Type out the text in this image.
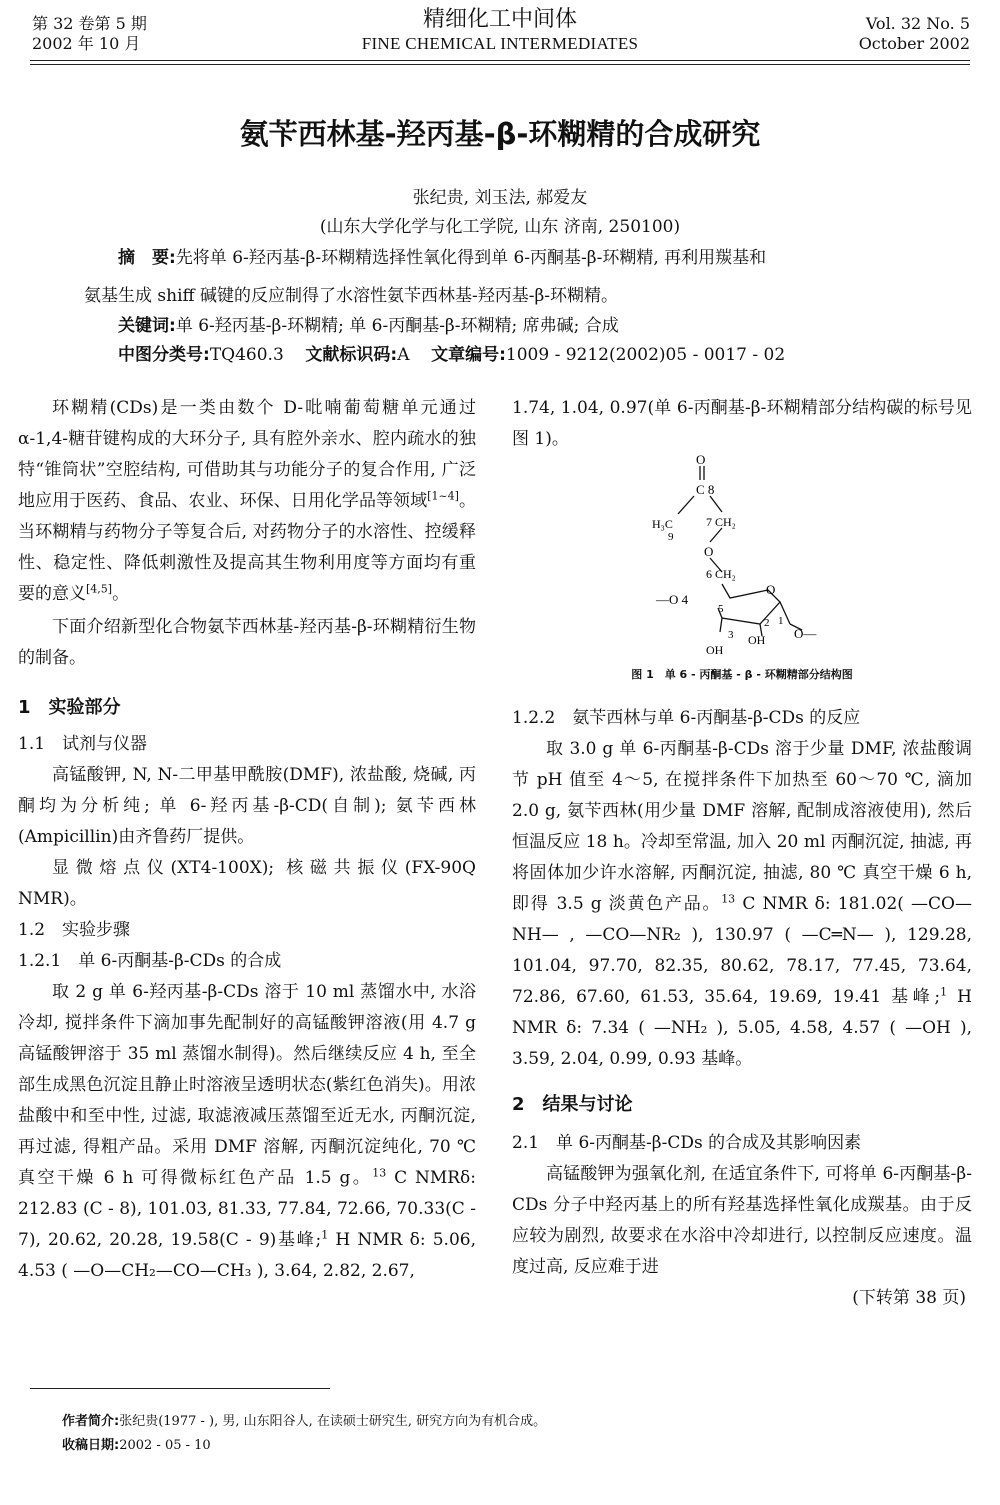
第 32 卷第 5 期
2002 年 10 月
精细化工中间体
FINE CHEMICAL INTERMEDIATES
Vol. 32 No. 5
October 2002
氨苄西林基-羟丙基-β-环糊精的合成研究
张纪贵, 刘玉法, 郝爱友
(山东大学化学与化工学院, 山东 济南, 250100)
摘　要:先将单 6-羟丙基-β-环糊精选择性氧化得到单 6-丙酮基-β-环糊精, 再利用羰基和
氨基生成 shiff 碱键的反应制得了水溶性氨苄西林基-羟丙基-β-环糊精。
关键词:单 6-羟丙基-β-环糊精; 单 6-丙酮基-β-环糊精; 席弗碱; 合成
中图分类号:TQ460.3 文献标识码:A 文章编号:1009 - 9212(2002)05 - 0017 - 02

环糊精(CDs)是一类由数个 D-吡喃葡萄糖单元通过 α-1,4-糖苷键构成的大环分子, 具有腔外亲水、腔内疏水的独特“锥筒状”空腔结构, 可借助其与功能分子的复合作用, 广泛地应用于医药、食品、农业、环保、日用化学品等领域[1~4]。当环糊精与药物分子等复合后, 对药物分子的水溶性、控缓释性、稳定性、降低刺激性及提高其生物利用度等方面均有重要的意义[4,5]。

下面介绍新型化合物氨苄西林基-羟丙基-β-环糊精衍生物的制备。

1　实验部分

1.1　试剂与仪器

高锰酸钾, N, N-二甲基甲酰胺(DMF), 浓盐酸, 烧碱, 丙酮均为分析纯; 单 6-羟丙基-β-CD(自制); 氨苄西林(Ampicillin)由齐鲁药厂提供。

显微熔点仪(XT4-100X); 核磁共振仪(FX-90Q NMR)。

1.2　实验步骤

1.2.1　单 6-丙酮基-β-CDs 的合成

取 2 g 单 6-羟丙基-β-CDs 溶于 10 ml 蒸馏水中, 水浴冷却, 搅拌条件下滴加事先配制好的高锰酸钾溶液(用 4.7 g 高锰酸钾溶于 35 ml 蒸馏水制得)。然后继续反应 4 h, 至全部生成黑色沉淀且静止时溶液呈透明状态(紫红色消失)。用浓盐酸中和至中性, 过滤, 取滤液减压蒸馏至近无水, 丙酮沉淀, 再过滤, 得粗产品。采用 DMF 溶解, 丙酮沉淀纯化, 70 ℃ 真空干燥 6 h 可得微标红色产品 1.5 g。$^{13}$ C NMRδ: 212.83 (C - 8), 101.03, 81.33, 77.84, 72.66, 70.33(C - 7), 20.62, 20.28, 19.58(C - 9)基峰;$^1$ H NMR δ: 5.06, 4.53 ( —O—CH₂—CO—CH₃ ), 3.64, 2.82, 2.67,

1.74, 1.04, 0.97(单 6-丙酮基-β-环糊精部分结构碳的标号见图 1)。

O
C 8
H₃C
9
7 CH₂
O
6 CH₂
—O 4
5
O
2 1
O—
3 OH
OH
图 1　单 6 - 丙酮基 - β - 环糊精部分结构图

1.2.2　氨苄西林与单 6-丙酮基-β-CDs 的反应

取 3.0 g 单 6-丙酮基-β-CDs 溶于少量 DMF, 浓盐酸调节 pH 值至 4～5, 在搅拌条件下加热至 60～70 ℃, 滴加 2.0 g, 氨苄西林(用少量 DMF 溶解, 配制成溶液使用), 然后恒温反应 18 h。冷却至常温, 加入 20 ml 丙酮沉淀, 抽滤, 再将固体加少许水溶解, 丙酮沉淀, 抽滤, 80 ℃ 真空干燥 6 h, 即得 3.5 g 淡黄色产品。$^{13}$ C NMR δ: 181.02( —CO—NH— , —CO—NR₂ ), 130.97 ( —C═N— ), 129.28, 101.04, 97.70, 82.35, 80.62, 78.17, 77.45, 73.64, 72.86, 67.60, 61.53, 35.64, 19.69, 19.41 基峰;$^1$ H NMR δ: 7.34 ( —NH₂ ), 5.05, 4.58, 4.57 ( —OH ), 3.59, 2.04, 0.99, 0.93 基峰。

2　结果与讨论

2.1　单 6-丙酮基-β-CDs 的合成及其影响因素

高锰酸钾为强氧化剂, 在适宜条件下, 可将单 6-丙酮基-β-CDs 分子中羟丙基上的所有羟基选择性氧化成羰基。由于反应较为剧烈, 故要求在水浴中冷却进行, 以控制反应速度。温度过高, 反应难于进

(下转第 38 页)

作者简介:张纪贵(1977 - ), 男, 山东阳谷人, 在读硕士研究生, 研究方向为有机合成。
收稿日期:2002 - 05 - 10
